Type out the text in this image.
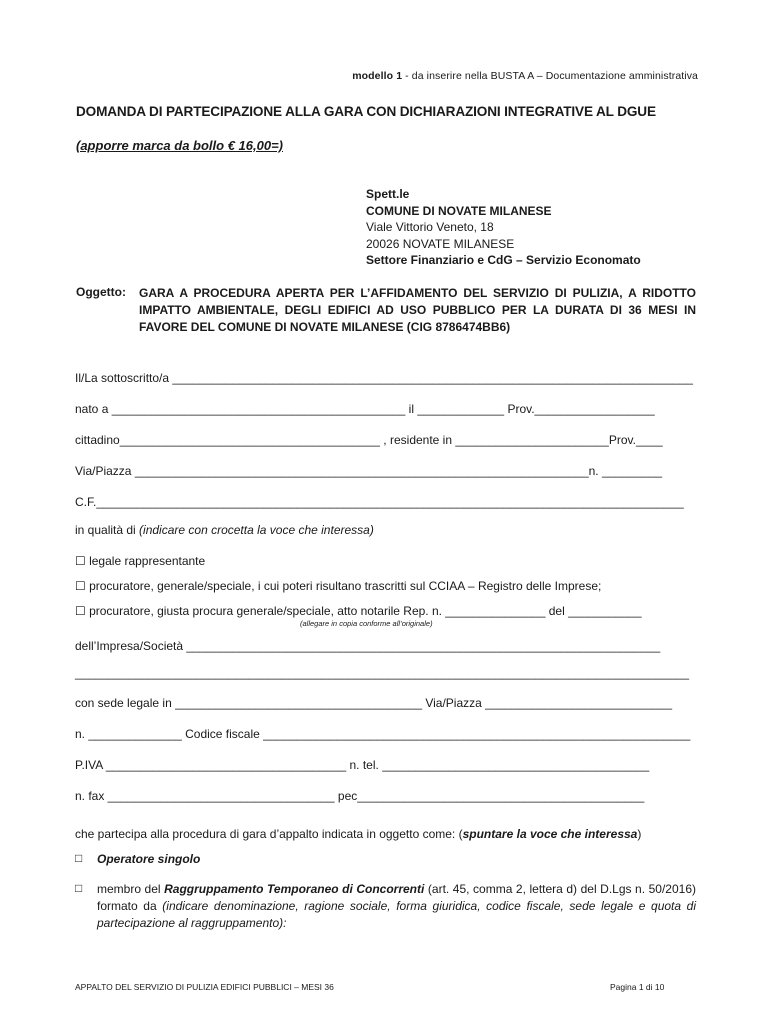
modello 1 - da inserire nella BUSTA A – Documentazione amministrativa
DOMANDA DI PARTECIPAZIONE ALLA GARA CON DICHIARAZIONI INTEGRATIVE AL DGUE
(apporre marca da bollo € 16,00=)
Spett.le
COMUNE DI NOVATE MILANESE
Viale Vittorio Veneto, 18
20026 NOVATE MILANESE
Settore Finanziario e CdG – Servizio Economato
Oggetto: GARA A PROCEDURA APERTA PER L’AFFIDAMENTO DEL SERVIZIO DI PULIZIA, A RIDOTTO IMPATTO AMBIENTALE, DEGLI EDIFICI AD USO PUBBLICO PER LA DURATA DI 36 MESI IN FAVORE DEL COMUNE DI NOVATE MILANESE (CIG 8786474BB6)
Il/La sottoscritto/a ______________________________________________________________________________
nato a ____________________________________________ il _____________ Prov.__________________
cittadino_______________________________________ , residente in _______________________Prov.____
Via/Piazza ____________________________________________________________________n. _________
C.F.________________________________________________________________________________________
in qualità di (indicare con crocetta la voce che interessa)
☐ legale rappresentante
☐ procuratore, generale/speciale, i cui poteri risultano trascritti sul CCIAA – Registro delle Imprese;
☐ procuratore, giusta procura generale/speciale, atto notarile Rep. n. _______________ del ___________
(allegare in copia conforme all’originale)
dell’Impresa/Società _______________________________________________________________________
____________________________________________________________________________________________
con sede legale in _____________________________________ Via/Piazza ____________________________
n. ______________ Codice fiscale ________________________________________________________________
P.IVA ____________________________________ n. tel. ________________________________________
n. fax __________________________________ pec___________________________________________
che partecipa alla procedura di gara d’appalto indicata in oggetto come: (spuntare la voce che interessa)
□ Operatore singolo
□ membro del Raggruppamento Temporaneo di Concorrenti (art. 45, comma 2, lettera d) del D.Lgs n. 50/2016) formato da (indicare denominazione, ragione sociale, forma giuridica, codice fiscale, sede legale e quota di partecipazione al raggruppamento):
APPALTO DEL SERVIZIO DI PULIZIA EDIFICI PUBBLICI – MESI 36	Pagina 1 di 10
